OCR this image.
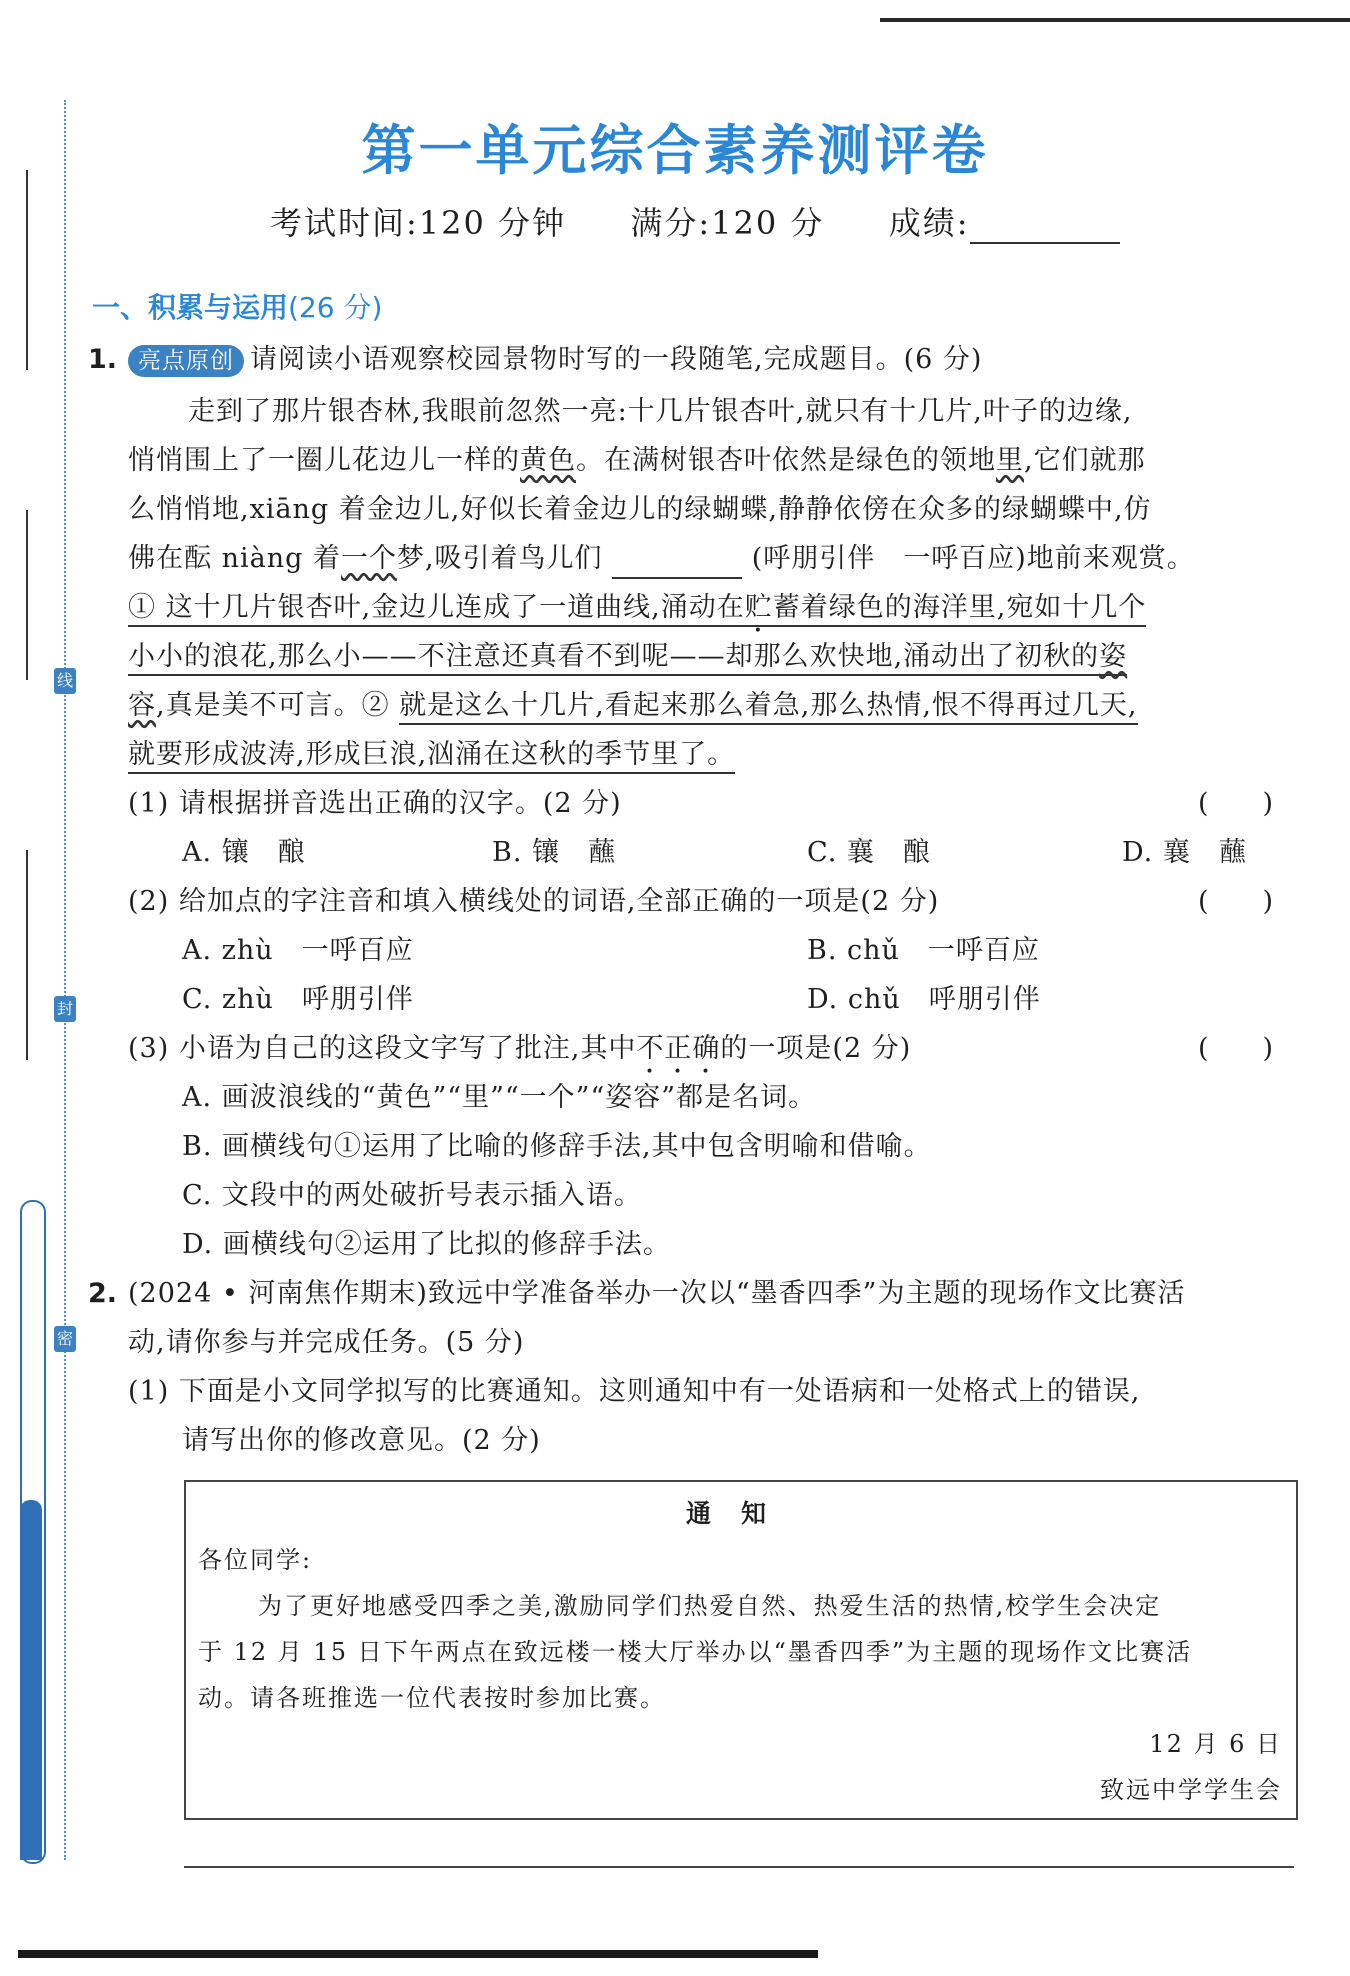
线
封
密
第一单元综合素养测评卷
考试时间:120 分钟 满分:120 分 成绩:
一、积累与运用(26 分)
1. 亮点原创 请阅读小语观察校园景物时写的一段随笔,完成题目。(6 分)
走到了那片银杏林,我眼前忽然一亮:十几片银杏叶,就只有十几片,叶子的边缘,
悄悄围上了一圈儿花边儿一样的黄色。在满树银杏叶依然是绿色的领地里,它们就那
么悄悄地,xiāng 着金边儿,好似长着金边儿的绿蝴蝶,静静依傍在众多的绿蝴蝶中,仿
佛在酝 niàng 着一个梦,吸引着鸟儿们	(呼朋引伴　一呼百应)地前来观赏。
① 这十几片银杏叶,金边儿连成了一道曲线,涌动在贮蓄着绿色的海洋里,宛如十几个
小小的浪花,那么小——不注意还真看不到呢——却那么欢快地,涌动出了初秋的姿
容,真是美不可言。② 就是这么十几片,看起来那么着急,那么热情,恨不得再过几天,
就要形成波涛,形成巨浪,汹涌在这秋的季节里了。
(1) 请根据拼音选出正确的汉字。(2 分)	(　　)
A. 镶　酿	B. 镶　蘸	C. 襄　酿	D. 襄　蘸
(2) 给加点的字注音和填入横线处的词语,全部正确的一项是(2 分)	(　　)
A. zhù　一呼百应	B. chǔ　一呼百应
C. zhù　呼朋引伴	D. chǔ　呼朋引伴
(3) 小语为自己的这段文字写了批注,其中不正确的一项是(2 分)	(　　)
A. 画波浪线的“黄色”“里”“一个”“姿容”都是名词。
B. 画横线句①运用了比喻的修辞手法,其中包含明喻和借喻。
C. 文段中的两处破折号表示插入语。
D. 画横线句②运用了比拟的修辞手法。
2. (2024 • 河南焦作期末)致远中学准备举办一次以“墨香四季”为主题的现场作文比赛活
动,请你参与并完成任务。(5 分)
(1) 下面是小文同学拟写的比赛通知。这则通知中有一处语病和一处格式上的错误,
请写出你的修改意见。(2 分)
通知
各位同学:
为了更好地感受四季之美,激励同学们热爱自然、热爱生活的热情,校学生会决定
于 12 月 15 日下午两点在致远楼一楼大厅举办以“墨香四季”为主题的现场作文比赛活
动。请各班推选一位代表按时参加比赛。
12 月 6 日
致远中学学生会
